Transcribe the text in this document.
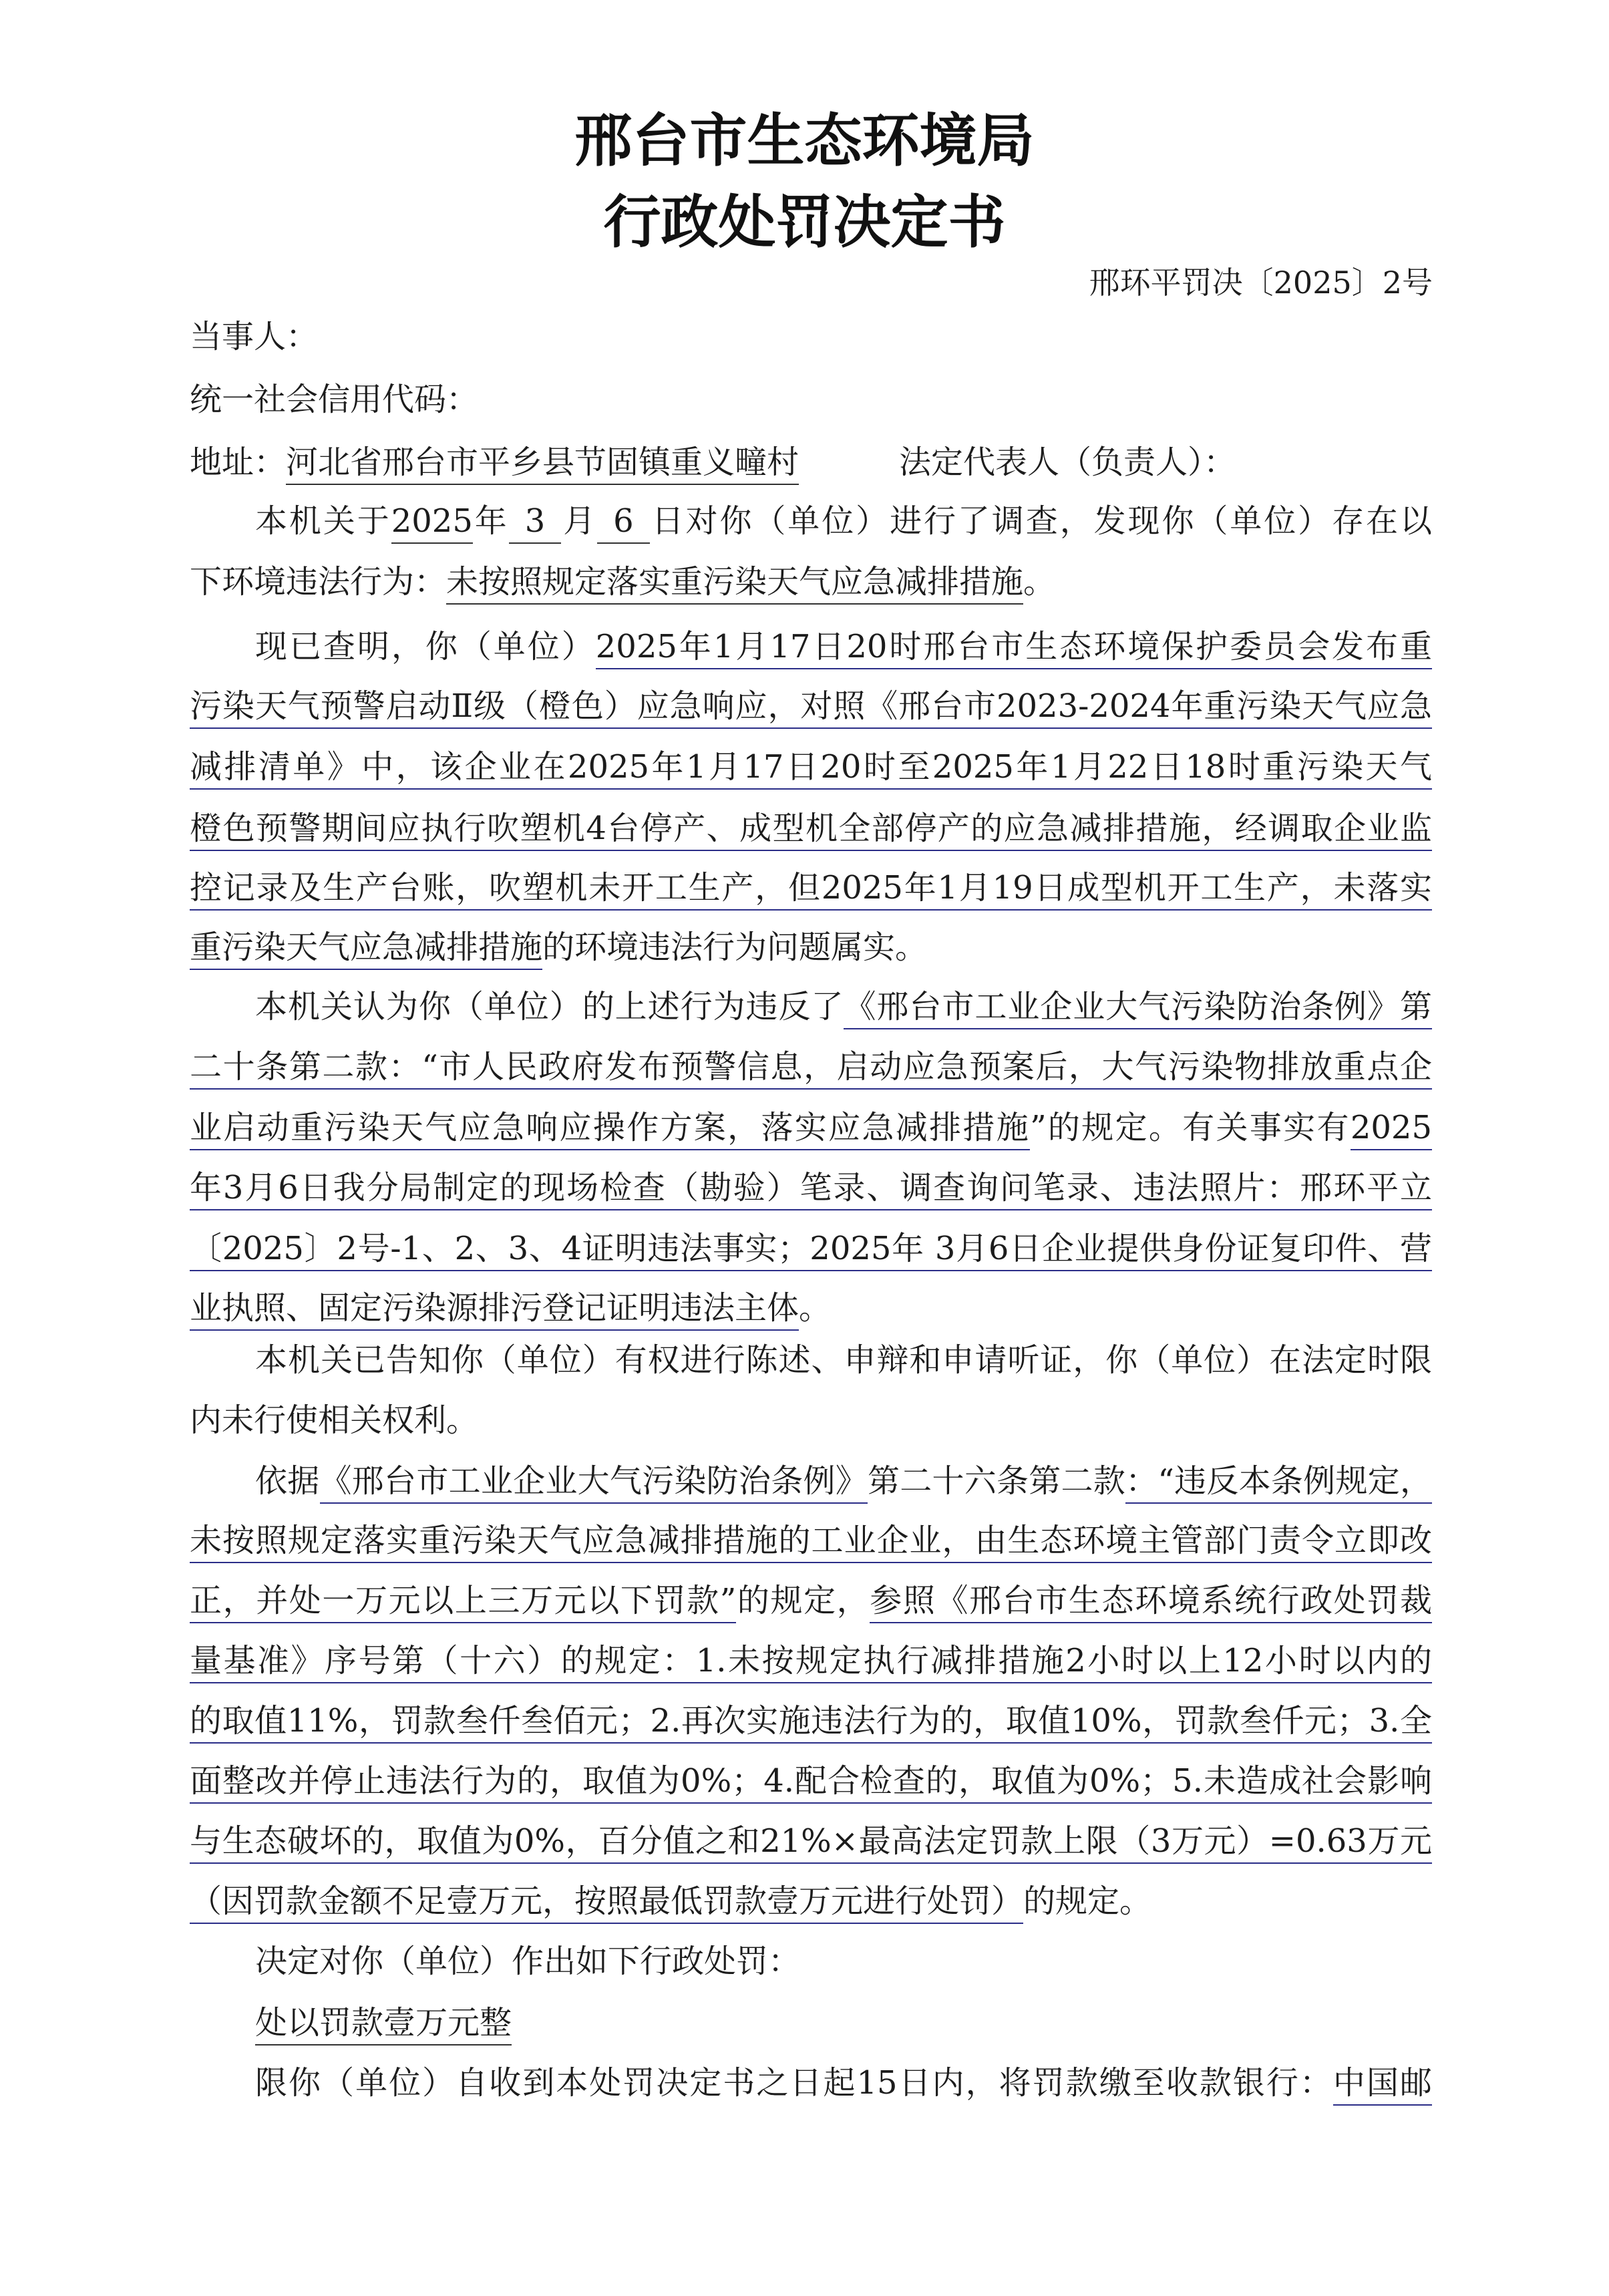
邢台市生态环境局
行政处罚决定书
邢环平罚决〔2025〕2号
当事人：
统一社会信用代码：
地址：河北省邢台市平乡县节固镇重义疃村	法定代表人（负责人）：
本机关于2025年 3 月 6 日对你（单位）进行了调查，发现你（单位）存在以
下环境违法行为：未按照规定落实重污染天气应急减排措施。
现已查明，你（单位）2025年1月17日20时邢台市生态环境保护委员会发布重
污染天气预警启动Ⅱ级（橙色）应急响应，对照《邢台市2023-2024年重污染天气应急
减排清单》中，该企业在2025年1月17日20时至2025年1月22日18时重污染天气
橙色预警期间应执行吹塑机4台停产、成型机全部停产的应急减排措施，经调取企业监
控记录及生产台账，吹塑机未开工生产，但2025年1月19日成型机开工生产，未落实
重污染天气应急减排措施的环境违法行为问题属实。
本机关认为你（单位）的上述行为违反了《邢台市工业企业大气污染防治条例》第
二十条第二款：“市人民政府发布预警信息，启动应急预案后，大气污染物排放重点企
业启动重污染天气应急响应操作方案，落实应急减排措施”的规定。有关事实有2025
年3月6日我分局制定的现场检查（勘验）笔录、调查询问笔录、违法照片：邢环平立
〔2025〕2号-1、2、3、4证明违法事实；2025年 3月6日企业提供身份证复印件、营
业执照、固定污染源排污登记证明违法主体。
本机关已告知你（单位）有权进行陈述、申辩和申请听证，你（单位）在法定时限
内未行使相关权利。
依据《邢台市工业企业大气污染防治条例》第二十六条第二款：“违反本条例规定，
未按照规定落实重污染天气应急减排措施的工业企业，由生态环境主管部门责令立即改
正，并处一万元以上三万元以下罚款”的规定，参照《邢台市生态环境系统行政处罚裁
量基准》序号第（十六）的规定：1.未按规定执行减排措施2小时以上12小时以内的
的取值11%，罚款叁仟叁佰元；2.再次实施违法行为的，取值10%，罚款叁仟元；3.全
面整改并停止违法行为的，取值为0%；4.配合检查的，取值为0%；5.未造成社会影响
与生态破坏的，取值为0%，百分值之和21%×最高法定罚款上限（3万元）=0.63万元
（因罚款金额不足壹万元，按照最低罚款壹万元进行处罚）的规定。
决定对你（单位）作出如下行政处罚：
处以罚款壹万元整
限你（单位）自收到本处罚决定书之日起15日内，将罚款缴至收款银行：中国邮
